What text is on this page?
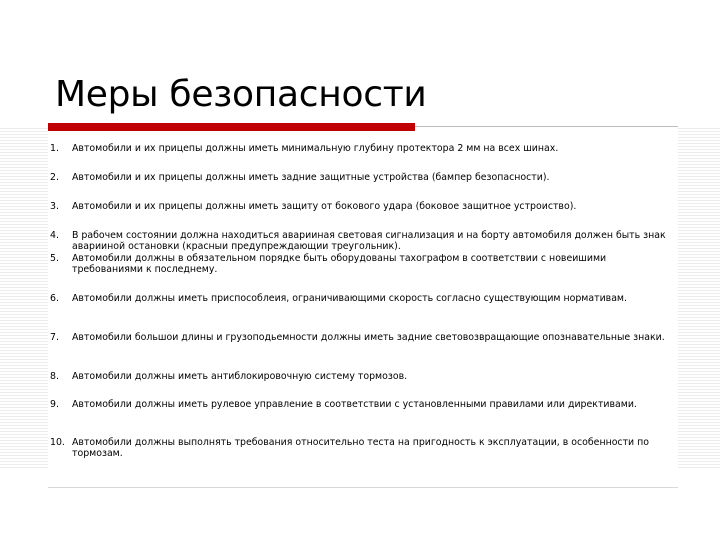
Меры безопасности
1.	Автомобили и их прицепы должны иметь минимальную глубину протектора 2 мм на всех шинах.
2.	Автомобили и их прицепы должны иметь задние защитные устройства (бампер безопасности).
3.	Автомобили и их прицепы должны иметь защиту от бокового удара (боковое защитное устроиство).
4.	В рабочем состоянии должна находиться аварииная световая сигнализация и на борту автомобиля должен быть знак аварииной остановки (красныи предупреждающии треугольник).
5.	Автомобили должны в обязательном порядке быть оборудованы тахографом в соответствии с новеишими требованиями к последнему.
6.	Автомобили должны иметь приспособлеия, ограничивающими скорость согласно существующим нормативам.
7.	Автомобили большои длины и грузоподьемности должны иметь задние световозвращающие опознавательные знаки.
8.	Автомобили должны иметь антиблокировочную систему тормозов.
9.	Автомобили должны иметь рулевое управление в соответствии с установленными правилами или директивами.
10. Автомобили должны выполнять требования относительно теста на пригодность к эксплуатации, в особенности по тормозам.
